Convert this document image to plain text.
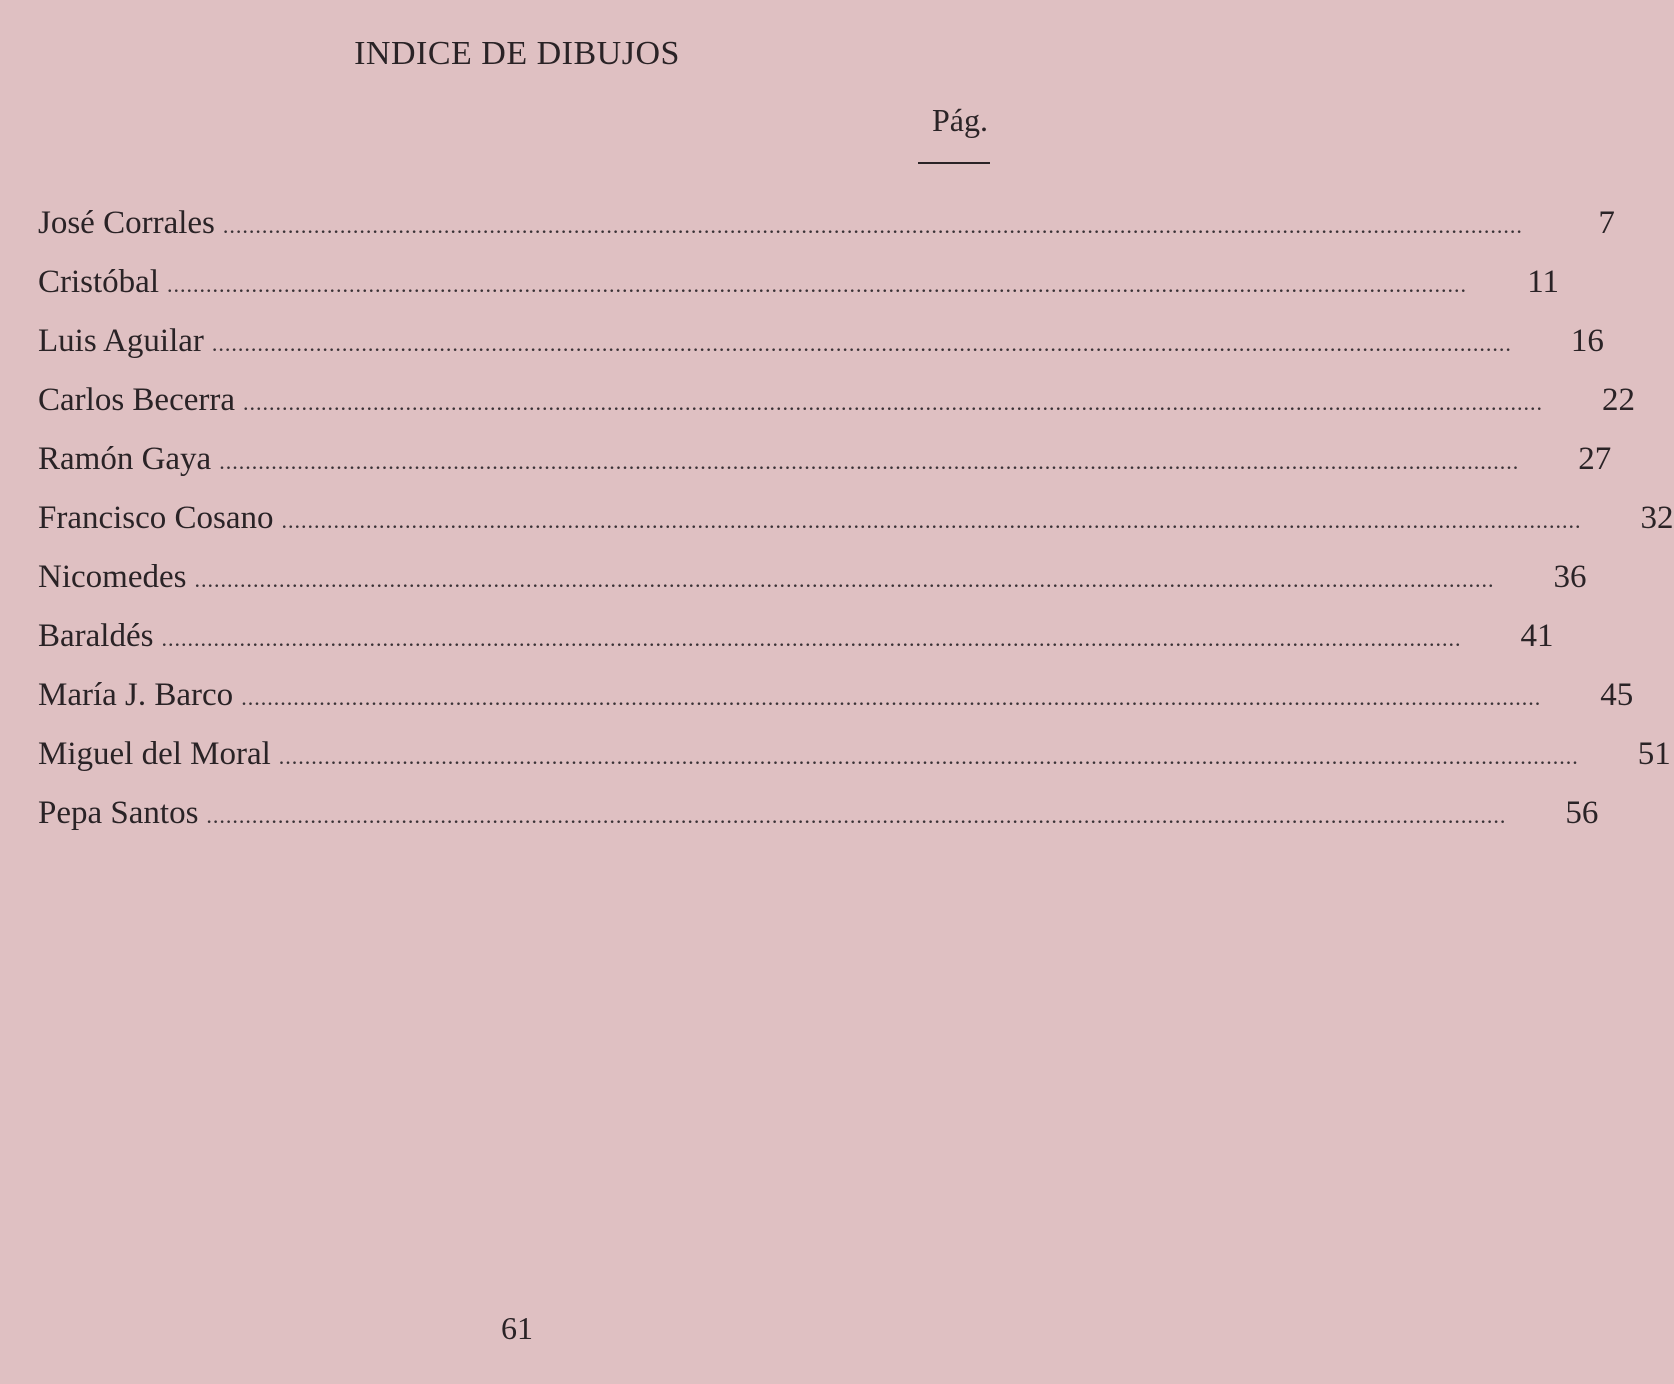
INDICE DE DIBUJOS
Pág.
José Corrales ........................................................................................................................................................................................................	7
Cristóbal ........................................................................................................................................................................................................	11
Luis Aguilar ........................................................................................................................................................................................................	16
Carlos Becerra ........................................................................................................................................................................................................	22
Ramón Gaya ........................................................................................................................................................................................................	27
Francisco Cosano ........................................................................................................................................................................................................	32
Nicomedes ........................................................................................................................................................................................................	36
Baraldés ........................................................................................................................................................................................................	41
María J. Barco ........................................................................................................................................................................................................	45
Miguel del Moral ........................................................................................................................................................................................................	51
Pepa Santos ........................................................................................................................................................................................................	56
61
